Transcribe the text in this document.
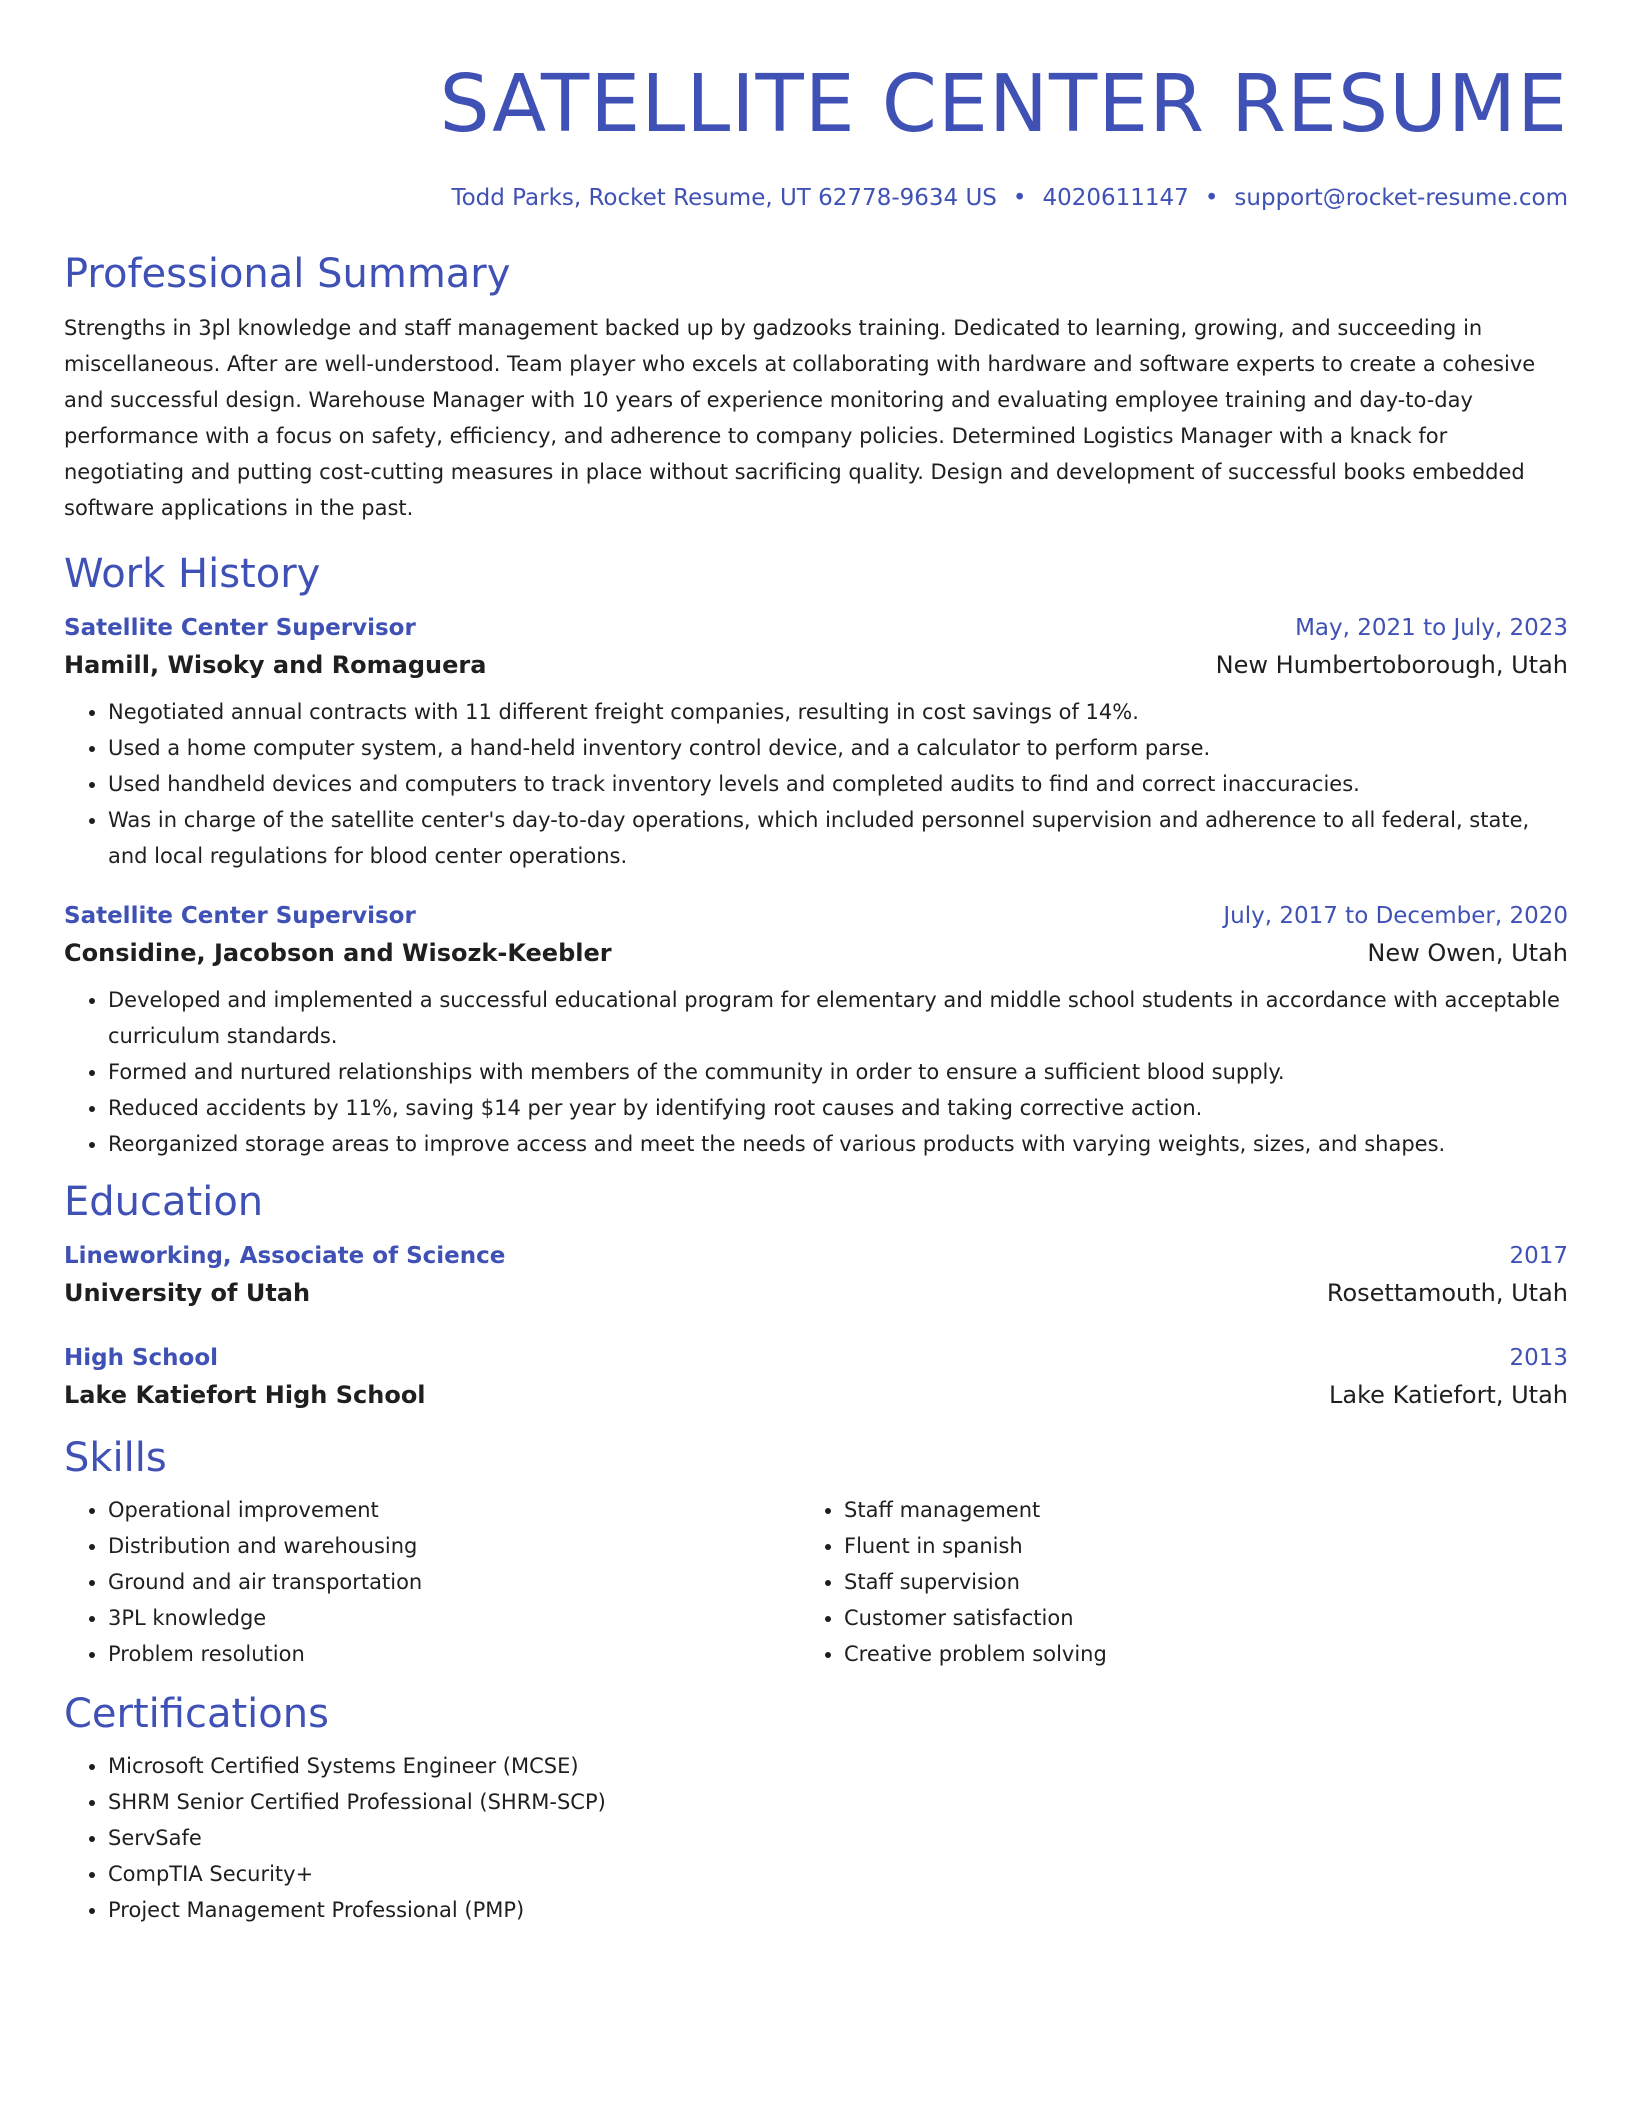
SATELLITE CENTER RESUME
Todd Parks, Rocket Resume, UT 62778-9634 US • 4020611147 • support@rocket-resume.com
Professional Summary
Strengths in 3pl knowledge and staff management backed up by gadzooks training. Dedicated to learning, growing, and succeeding in miscellaneous. After are well-understood. Team player who excels at collaborating with hardware and software experts to create a cohesive and successful design. Warehouse Manager with 10 years of experience monitoring and evaluating employee training and day-to-day performance with a focus on safety, efficiency, and adherence to company policies. Determined Logistics Manager with a knack for negotiating and putting cost-cutting measures in place without sacrificing quality. Design and development of successful books embedded software applications in the past.
Work History
Satellite Center Supervisor	May, 2021 to July, 2023
Hamill, Wisoky and Romaguera	New Humbertoborough, Utah
• Negotiated annual contracts with 11 different freight companies, resulting in cost savings of 14%.
• Used a home computer system, a hand-held inventory control device, and a calculator to perform parse.
• Used handheld devices and computers to track inventory levels and completed audits to find and correct inaccuracies.
• Was in charge of the satellite center's day-to-day operations, which included personnel supervision and adherence to all federal, state, and local regulations for blood center operations.
Satellite Center Supervisor	July, 2017 to December, 2020
Considine, Jacobson and Wisozk-Keebler	New Owen, Utah
• Developed and implemented a successful educational program for elementary and middle school students in accordance with acceptable curriculum standards.
• Formed and nurtured relationships with members of the community in order to ensure a sufficient blood supply.
• Reduced accidents by 11%, saving $14 per year by identifying root causes and taking corrective action.
• Reorganized storage areas to improve access and meet the needs of various products with varying weights, sizes, and shapes.
Education
Lineworking, Associate of Science	2017
University of Utah	Rosettamouth, Utah
High School	2013
Lake Katiefort High School	Lake Katiefort, Utah
Skills
• Operational improvement
• Distribution and warehousing
• Ground and air transportation
• 3PL knowledge
• Problem resolution
• Staff management
• Fluent in spanish
• Staff supervision
• Customer satisfaction
• Creative problem solving
Certifications
• Microsoft Certified Systems Engineer (MCSE)
• SHRM Senior Certified Professional (SHRM-SCP)
• ServSafe
• CompTIA Security+
• Project Management Professional (PMP)
